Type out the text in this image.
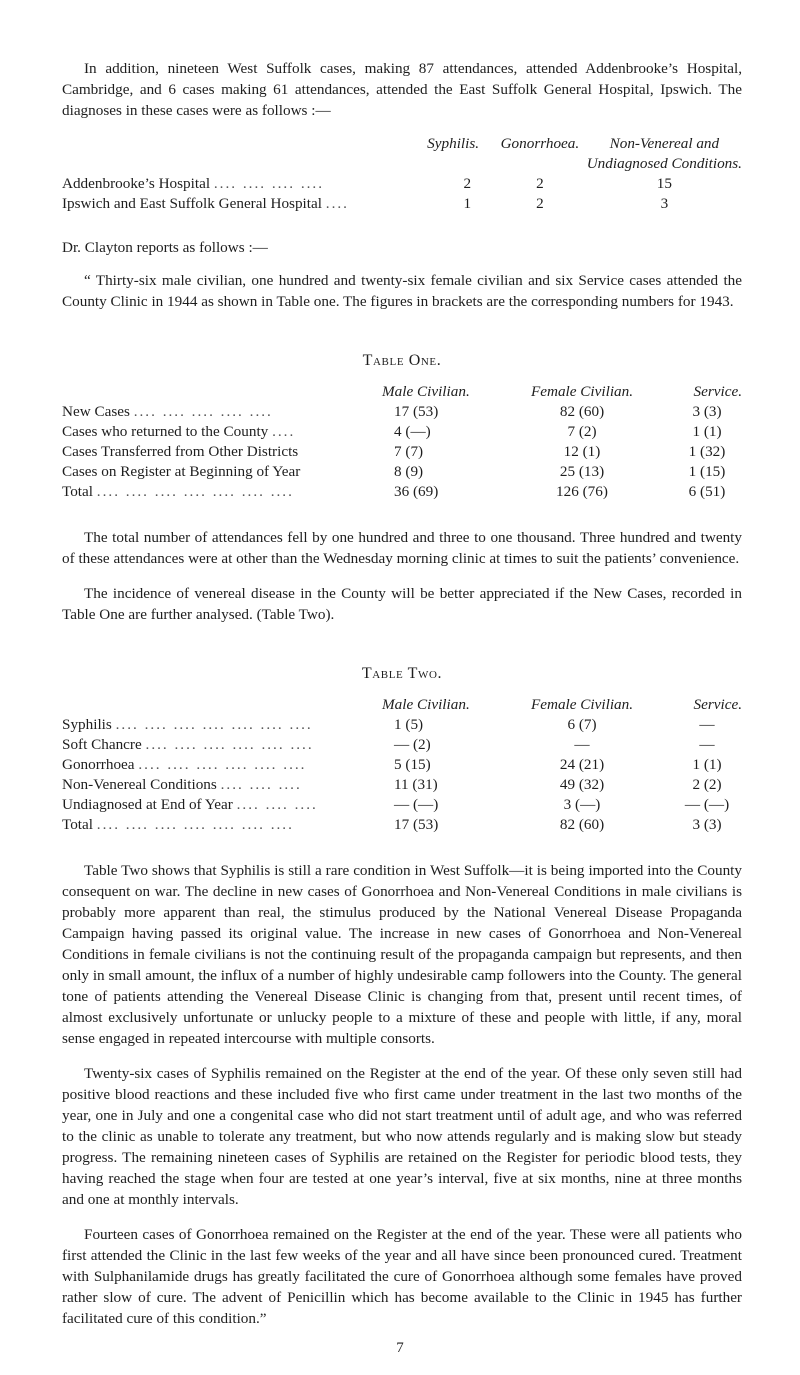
In addition, nineteen West Suffolk cases, making 87 attendances, attended Addenbrooke’s Hospital, Cambridge, and 6 cases making 61 attendances, attended the East Suffolk General Hospital, Ipswich. The diagnoses in these cases were as follows :—

	Syphilis.	Gonorrhoea.	Non-Venereal and
			Undiagnosed Conditions.
Addenbrooke’s Hospital .... .... .... ....	2	2	15
Ipswich and East Suffolk General Hospital ....	1	2	3

Dr. Clayton reports as follows :—

“ Thirty-six male civilian, one hundred and twenty-six female civilian and six Service cases attended the County Clinic in 1944 as shown in Table one. The figures in brackets are the corresponding numbers for 1943.

Table One.

	Male Civilian.	Female Civilian.	Service.
New Cases .... .... .... .... ....	17 (53)	82 (60)	3 (3)
Cases who returned to the County ....	4 (—)	7 (2)	1 (1)
Cases Transferred from Other Districts	7 (7)	12 (1)	1 (32)
Cases on Register at Beginning of Year	8 (9)	25 (13)	1 (15)
Total .... .... .... .... .... .... ....	36 (69)	126 (76)	6 (51)

The total number of attendances fell by one hundred and three to one thousand. Three hundred and twenty of these attendances were at other than the Wednesday morning clinic at times to suit the patients’ convenience.

The incidence of venereal disease in the County will be better appreciated if the New Cases, recorded in Table One are further analysed. (Table Two).

Table Two.

	Male Civilian.	Female Civilian.	Service.
Syphilis .... .... .... .... .... .... ....	1 (5)	6 (7)	—
Soft Chancre .... .... .... .... .... ....	— (2)	—	—
Gonorrhoea .... .... .... .... .... ....	5 (15)	24 (21)	1 (1)
Non-Venereal Conditions .... .... ....	11 (31)	49 (32)	2 (2)
Undiagnosed at End of Year .... .... ....	— (—)	3 (—)	— (—)
Total .... .... .... .... .... .... ....	17 (53)	82 (60)	3 (3)

Table Two shows that Syphilis is still a rare condition in West Suffolk—it is being imported into the County consequent on war. The decline in new cases of Gonorrhoea and Non-Venereal Conditions in male civilians is probably more apparent than real, the stimulus produced by the National Venereal Disease Propaganda Campaign having passed its original value. The increase in new cases of Gonorrhoea and Non-Venereal Conditions in female civilians is not the continuing result of the propaganda campaign but represents, and then only in small amount, the influx of a number of highly undesirable camp followers into the County. The general tone of patients attending the Venereal Disease Clinic is changing from that, present until recent times, of almost exclusively unfortunate or unlucky people to a mixture of these and people with little, if any, moral sense engaged in repeated intercourse with multiple consorts.

Twenty-six cases of Syphilis remained on the Register at the end of the year. Of these only seven still had positive blood reactions and these included five who first came under treatment in the last two months of the year, one in July and one a congenital case who did not start treatment until of adult age, and who was referred to the clinic as unable to tolerate any treatment, but who now attends regularly and is making slow but steady progress. The remaining nineteen cases of Syphilis are retained on the Register for periodic blood tests, they having reached the stage when four are tested at one year’s interval, five at six months, nine at three months and one at monthly intervals.

Fourteen cases of Gonorrhoea remained on the Register at the end of the year. These were all patients who first attended the Clinic in the last few weeks of the year and all have since been pronounced cured. Treatment with Sulphanilamide drugs has greatly facilitated the cure of Gonorrhoea although some females have proved rather slow of cure. The advent of Penicillin which has become available to the Clinic in 1945 has further facilitated cure of this condition.”

7
